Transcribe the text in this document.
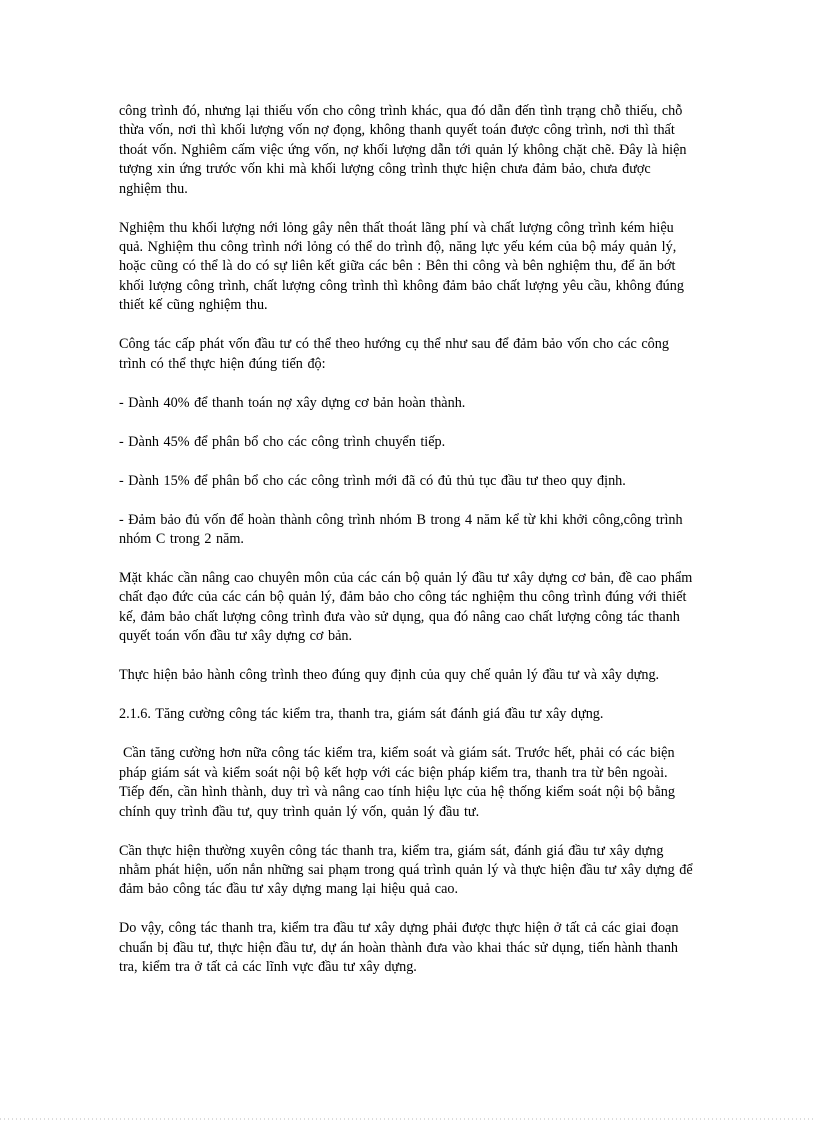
công trình đó, nhưng lại thiếu vốn cho công trình khác, qua đó dẫn đến tình trạng chỗ thiếu, chỗ thừa vốn, nơi thì khối lượng vốn nợ đọng, không thanh quyết toán được công trình, nơi thì thất thoát vốn. Nghiêm cấm việc ứng vốn, nợ khối lượng dẫn tới quản lý không chặt chẽ. Đây là hiện tượng xin ứng trước vốn khi mà khối lượng công trình thực hiện chưa đảm bảo, chưa được nghiệm thu.

Nghiệm thu khối lượng nới lỏng gây nên thất thoát lãng phí và chất lượng công trình kém hiệu quả. Nghiệm thu công trình nới lỏng có thể do trình độ, năng lực yếu kém của bộ máy quản lý, hoặc cũng có thể là do có sự liên kết giữa các bên : Bên thi công và bên nghiệm thu, để ăn bớt khối lượng công trình, chất lượng công trình thì không đảm bảo chất lượng yêu cầu, không đúng thiết kế cũng nghiệm thu.

Công tác cấp phát vốn đầu tư có thể theo hướng cụ thể như sau để đảm bảo vốn cho các công trình có thể thực hiện đúng tiến độ:

- Dành 40% để thanh toán nợ xây dựng cơ bản hoàn thành.

- Dành 45% để phân bổ cho các công trình chuyển tiếp.

- Dành 15% để phân bổ cho các công trình mới đã có đủ thủ tục đầu tư theo quy định.

- Đảm bảo đủ vốn để hoàn thành công trình nhóm B trong 4 năm kể từ khi khởi công,công trình nhóm C trong 2 năm.

Mặt khác cần nâng cao chuyên môn của các cán bộ quản lý đầu tư xây dựng cơ bản, đề cao phẩm chất đạo đức của các cán bộ quản lý, đảm bảo cho công tác nghiệm thu công trình đúng với thiết kế, đảm bảo chất lượng công trình đưa vào sử dụng, qua đó nâng cao chất lượng công tác thanh quyết toán vốn đầu tư xây dựng cơ bản.

Thực hiện bảo hành công trình theo đúng quy định của quy chế quản lý đầu tư và xây dựng.

2.1.6. Tăng cường công tác kiểm tra, thanh tra, giám sát đánh giá đầu tư xây dựng.

Cần tăng cường hơn nữa công tác kiểm tra, kiểm soát và giám sát. Trước hết, phải có các biện pháp giám sát và kiểm soát nội bộ kết hợp với các biện pháp kiểm tra, thanh tra từ bên ngoài. Tiếp đến, cần hình thành, duy trì và nâng cao tính hiệu lực của hệ thống kiểm soát nội bộ bằng chính quy trình đầu tư, quy trình quản lý vốn, quản lý đầu tư.

Cần thực hiện thường xuyên công tác thanh tra, kiểm tra, giám sát, đánh giá đầu tư xây dựng nhằm phát hiện, uốn nắn những sai phạm trong quá trình quản lý và thực hiện đầu tư xây dựng để đảm bảo công tác đầu tư xây dựng mang lại hiệu quả cao.

Do vậy, công tác thanh tra, kiểm tra đầu tư xây dựng phải được thực hiện ở tất cả các giai đoạn chuẩn bị đầu tư, thực hiện đầu tư, dự án hoàn thành đưa vào khai thác sử dụng, tiến hành thanh tra, kiểm tra ở tất cả các lĩnh vực đầu tư xây dựng.
